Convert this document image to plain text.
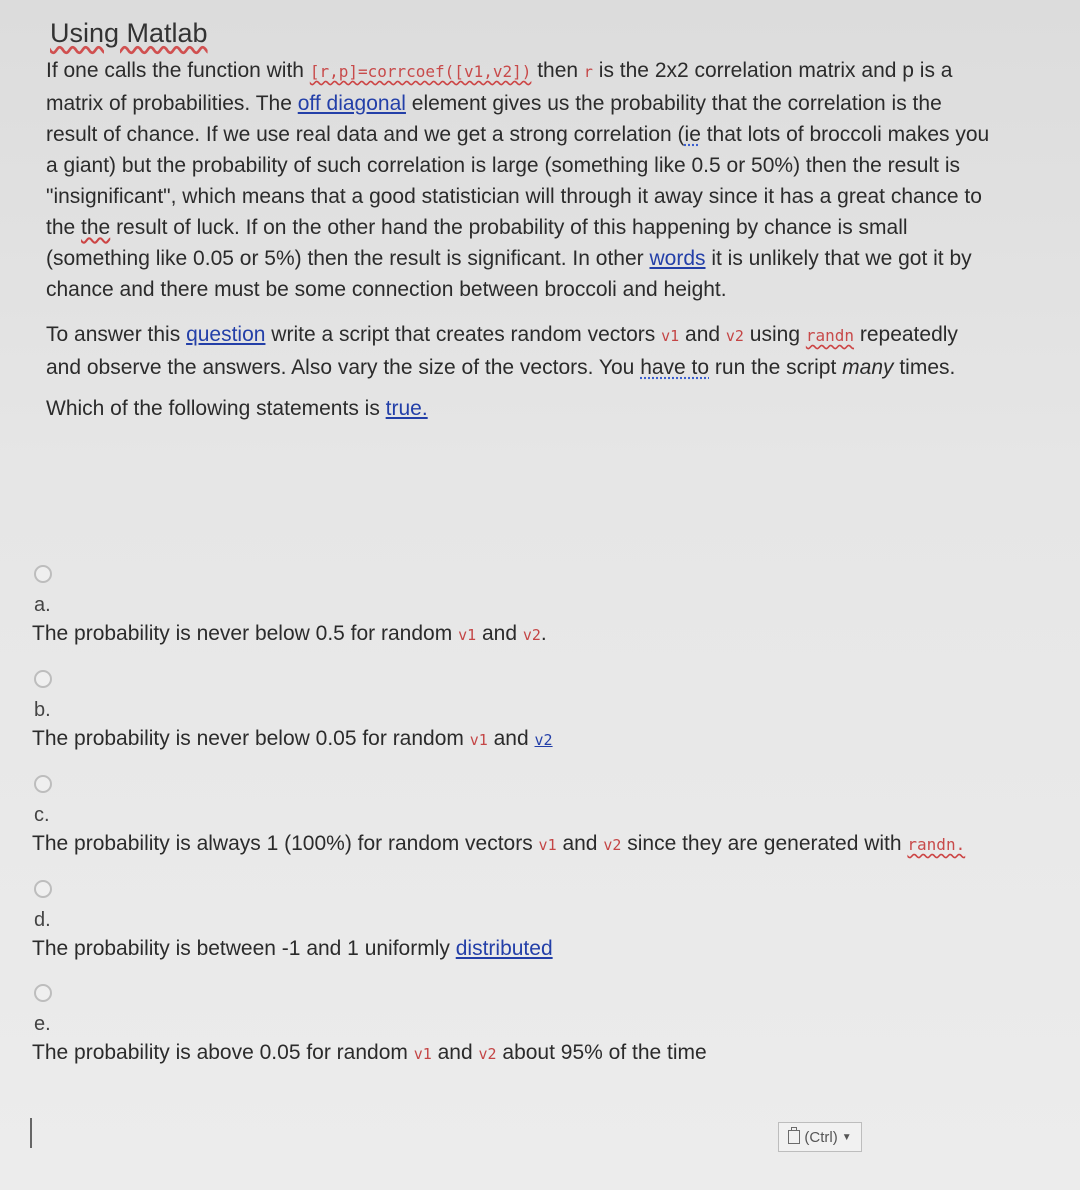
Using Matlab

If one calls the function with [r,p]=corrcoef([v1,v2]) then r is the 2x2 correlation matrix and p is a matrix of probabilities. The off diagonal element gives us the probability that the correlation is the result of chance. If we use real data and we get a strong correlation (ie that lots of broccoli makes you a giant) but the probability of such correlation is large (something like 0.5 or 50%) then the result is "insignificant", which means that a good statistician will through it away since it has a great chance to the the result of luck. If on the other hand the probability of this happening by chance is small (something like 0.05 or 5%) then the result is significant. In other words it is unlikely that we got it by chance and there must be some connection between broccoli and height.

To answer this question write a script that creates random vectors v1 and v2 using randn repeatedly and observe the answers. Also vary the size of the vectors. You have to run the script many times.

Which of the following statements is true.

a.
The probability is never below 0.5 for random v1 and v2.
b.
The probability is never below 0.05 for random v1 and v2
c.
The probability is always 1 (100%) for random vectors v1 and v2 since they are generated with randn.
d.
The probability is between -1 and 1 uniformly distributed
e.
The probability is above 0.05 for random v1 and v2 about 95% of the time
(Ctrl) ▼
